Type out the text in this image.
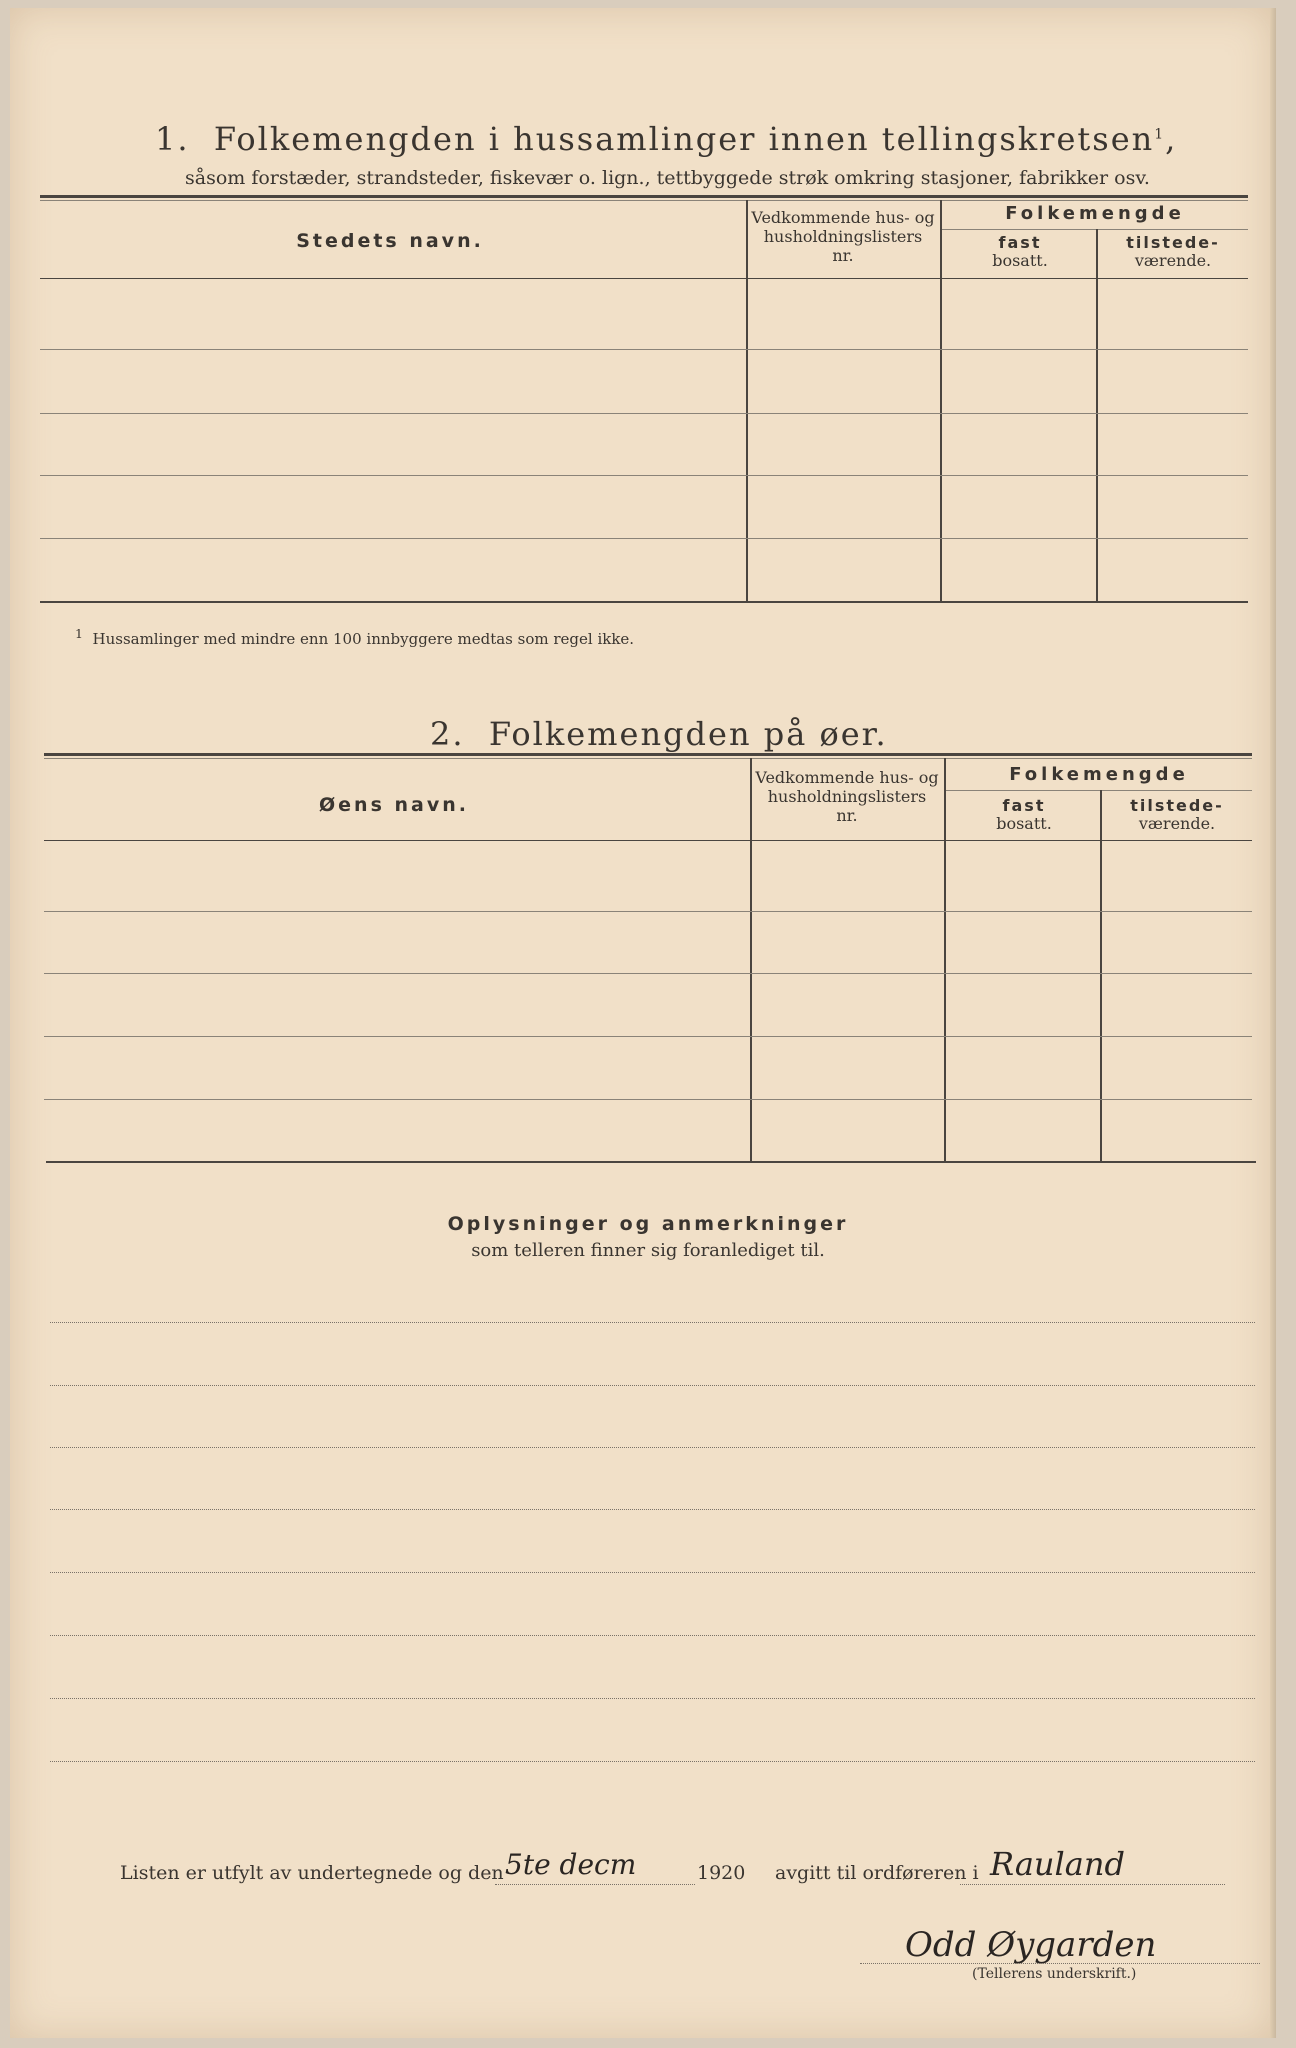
1. Folkemengden i hussamlinger innen tellingskretsen$^1$,
såsom forstæder, strandsteder, fiskevær o. lign., tettbyggede strøk omkring stasjoner, fabrikker osv.
Stedets navn.
Vedkommende hus- og
husholdningslisters
nr.
Folkemengde
fast
bosatt.
tilstede-
værende.
$^1$ Hussamlinger med mindre enn 100 innbyggere medtas som regel ikke.
2. Folkemengden på øer.
Øens navn.
Vedkommende hus- og
husholdningslisters
nr.
Folkemengde
fast
bosatt.
tilstede-
værende.
Oplysninger og anmerkninger
som telleren finner sig foranlediget til.
Listen er utfylt av undertegnede og den 5te decm	1920 avgitt til ordføreren i Rauland
Odd Øygarden
(Tellerens underskrift.)
